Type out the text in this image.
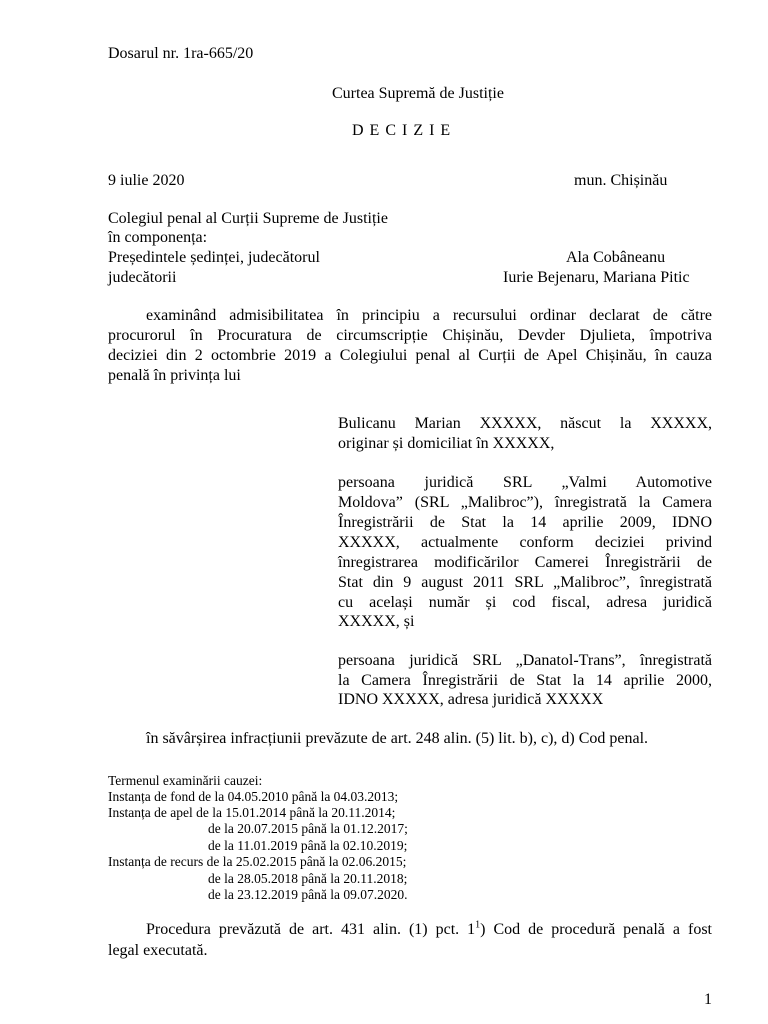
Dosarul nr. 1ra-665/20
Curtea Supremă de Justiție
D E C I Z I E
9 iulie 2020	mun. Chișinău
Colegiul penal al Curții Supreme de Justiție
în componența:
Președintele ședinței, judecătorul	Ala Cobâneanu
judecătorii	Iurie Bejenaru, Mariana Pitic
examinând admisibilitatea în principiu a recursului ordinar declarat de către
procurorul în Procuratura de circumscripție Chișinău, Devder Djulieta, împotriva
deciziei din 2 octombrie 2019 a Colegiului penal al Curții de Apel Chișinău, în cauza
penală în privința lui
Bulicanu Marian XXXXX, născut la XXXXX,
originar și domiciliat în XXXXX,
persoana juridică SRL „Valmi Automotive
Moldova” (SRL „Malibroc”), înregistrată la Camera
Înregistrării de Stat la 14 aprilie 2009, IDNO
XXXXX, actualmente conform deciziei privind
înregistrarea modificărilor Camerei Înregistrării de
Stat din 9 august 2011 SRL „Malibroc”, înregistrată
cu același număr și cod fiscal, adresa juridică
XXXXX, și
persoana juridică SRL „Danatol-Trans”, înregistrată
la Camera Înregistrării de Stat la 14 aprilie 2000,
IDNO XXXXX, adresa juridică XXXXX
în săvârșirea infracțiunii prevăzute de art. 248 alin. (5) lit. b), c), d) Cod penal.
Termenul examinării cauzei:
Instanța de fond de la 04.05.2010 până la 04.03.2013;
Instanța de apel de la 15.01.2014 până la 20.11.2014;
de la 20.07.2015 până la 01.12.2017;
de la 11.01.2019 până la 02.10.2019;
Instanța de recurs de la 25.02.2015 până la 02.06.2015;
de la 28.05.2018 până la 20.11.2018;
de la 23.12.2019 până la 09.07.2020.
Procedura prevăzută de art. 431 alin. (1) pct. $1^1$) Cod de procedură penală a fost
legal executată.
1
